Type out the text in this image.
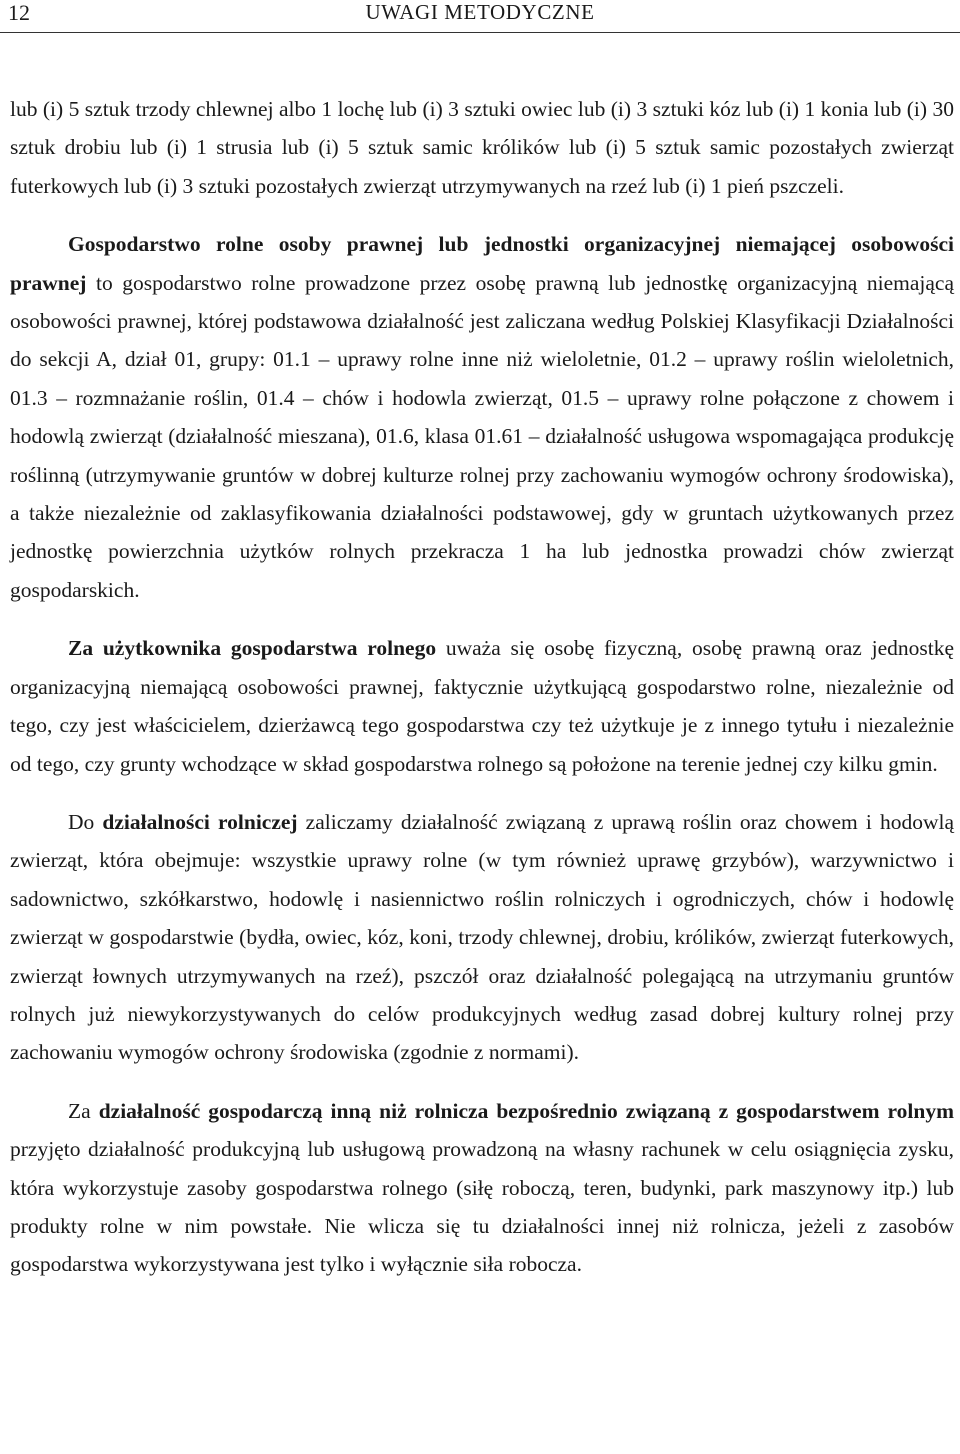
12	UWAGI METODYCZNE

lub (i) 5 sztuk trzody chlewnej albo 1 lochę lub (i) 3 sztuki owiec lub (i) 3 sztuki kóz lub (i) 1 konia lub (i) 30 sztuk drobiu lub (i) 1 strusia lub (i) 5 sztuk samic królików lub (i) 5 sztuk samic pozostałych zwierząt futerkowych lub (i) 3 sztuki pozostałych zwierząt utrzymywanych na rzeź lub (i) 1 pień pszczeli.

Gospodarstwo rolne osoby prawnej lub jednostki organizacyjnej niemającej osobowości prawnej to gospodarstwo rolne prowadzone przez osobę prawną lub jednostkę organizacyjną niemającą osobowości prawnej, której podstawowa działalność jest zaliczana według Polskiej Klasyfikacji Działalności do sekcji A, dział 01, grupy: 01.1 – uprawy rolne inne niż wieloletnie, 01.2 – uprawy roślin wieloletnich, 01.3 – rozmnażanie roślin, 01.4 – chów i hodowla zwierząt, 01.5 – uprawy rolne połączone z chowem i hodowlą zwierząt (działalność mieszana), 01.6, klasa 01.61 – działalność usługowa wspomagająca produkcję roślinną (utrzymywanie gruntów w dobrej kulturze rolnej przy zachowaniu wymogów ochrony środowiska), a także niezależnie od zaklasyfikowania działalności podstawowej, gdy w gruntach użytkowanych przez jednostkę powierzchnia użytków rolnych przekracza 1 ha lub jednostka prowadzi chów zwierząt gospodarskich.

Za użytkownika gospodarstwa rolnego uważa się osobę fizyczną, osobę prawną oraz jednostkę organizacyjną niemającą osobowości prawnej, faktycznie użytkującą gospodarstwo rolne, niezależnie od tego, czy jest właścicielem, dzierżawcą tego gospodarstwa czy też użytkuje je z innego tytułu i niezależnie od tego, czy grunty wchodzące w skład gospodarstwa rolnego są położone na terenie jednej czy kilku gmin.

Do działalności rolniczej zaliczamy działalność związaną z uprawą roślin oraz chowem i hodowlą zwierząt, która obejmuje: wszystkie uprawy rolne (w tym również uprawę grzybów), warzywnictwo i sadownictwo, szkółkarstwo, hodowlę i nasiennictwo roślin rolniczych i ogrodniczych, chów i hodowlę zwierząt w gospodarstwie (bydła, owiec, kóz, koni, trzody chlewnej, drobiu, królików, zwierząt futerkowych, zwierząt łownych utrzymywanych na rzeź), pszczół oraz działalność polegającą na utrzymaniu gruntów rolnych już niewykorzystywanych do celów produkcyjnych według zasad dobrej kultury rolnej przy zachowaniu wymogów ochrony środowiska (zgodnie z normami).

Za działalność gospodarczą inną niż rolnicza bezpośrednio związaną z gospodarstwem rolnym przyjęto działalność produkcyjną lub usługową prowadzoną na własny rachunek w celu osiągnięcia zysku, która wykorzystuje zasoby gospodarstwa rolnego (siłę roboczą, teren, budynki, park maszynowy itp.) lub produkty rolne w nim powstałe. Nie wlicza się tu działalności innej niż rolnicza, jeżeli z zasobów gospodarstwa wykorzystywana jest tylko i wyłącznie siła robocza.
